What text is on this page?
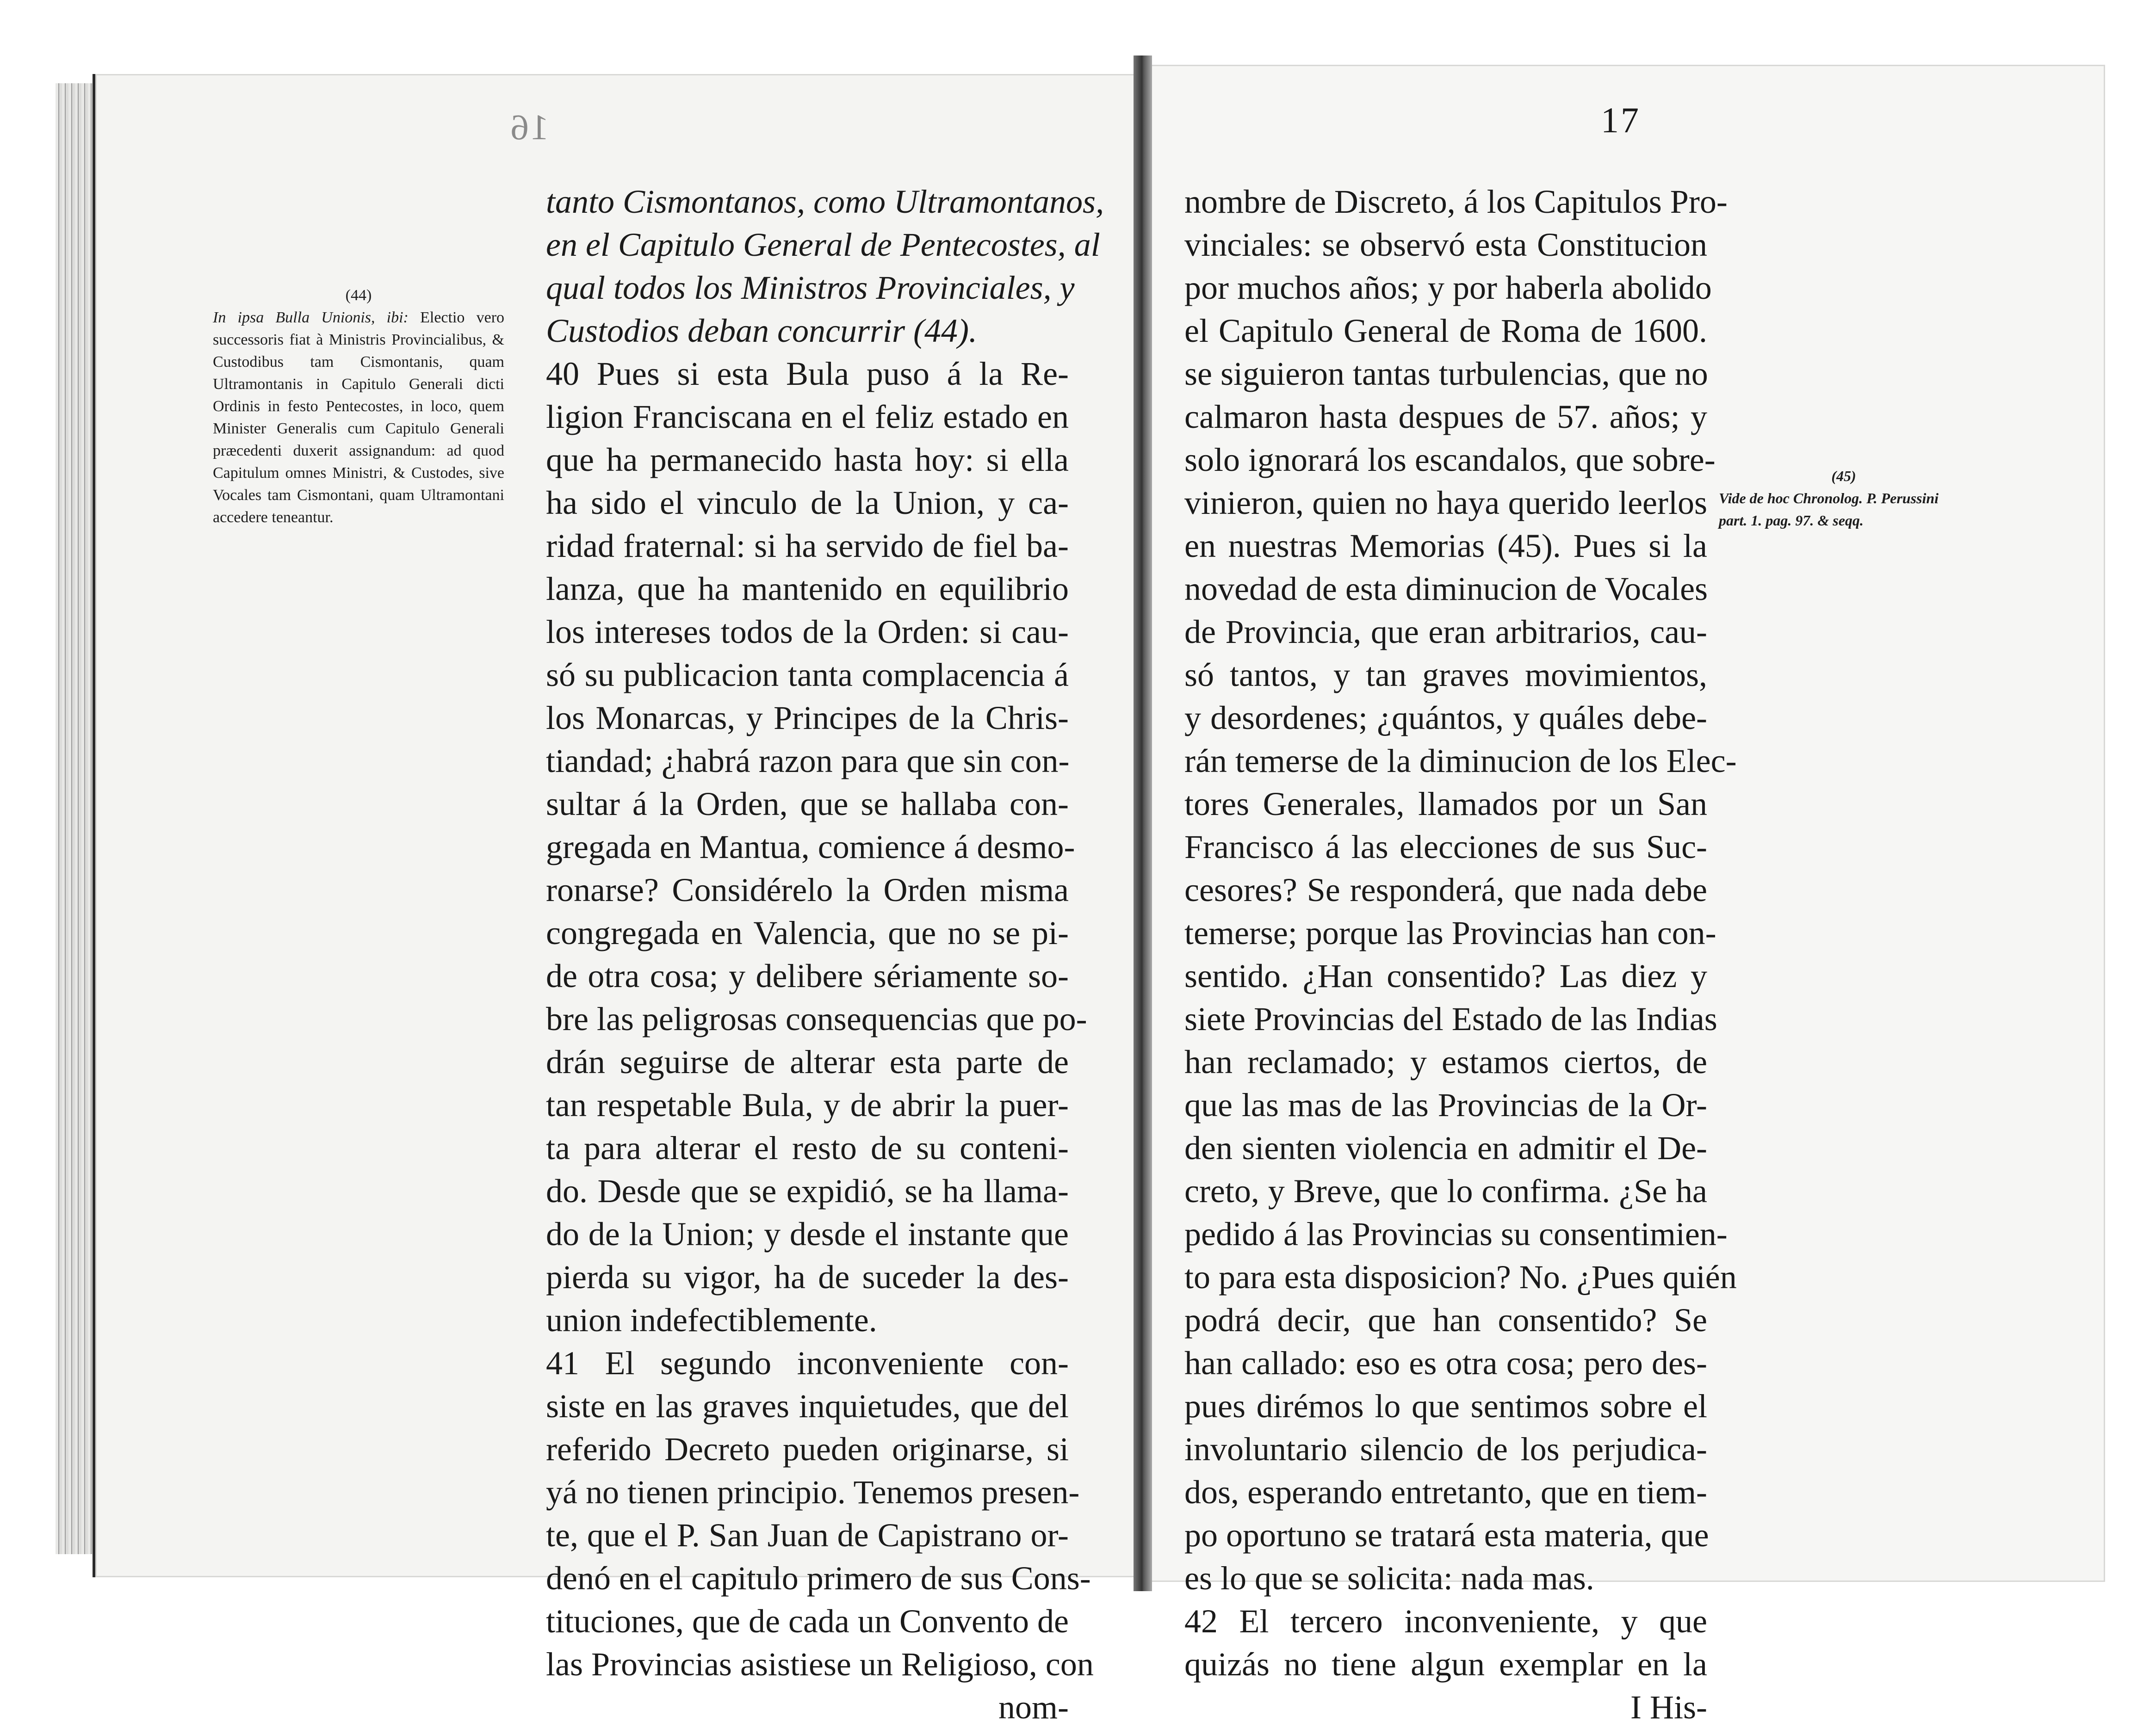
16
(44)
In ipsa Bulla Unionis, ibi: Electio vero successoris fiat à Ministris Provincialibus, & Custodibus tam Cismontanis, quam Ultramontanis in Capitulo Generali dicti Ordinis in festo Pentecostes, in loco, quem Minister Generalis cum Capitulo Generali præcedenti duxerit assignandum: ad quod Capitulum omnes Ministri, & Custodes, sive Vocales tam Cismontani, quam Ultramontani accedere teneantur.
tanto Cismontanos, como Ultramontanos,
en el Capitulo General de Pentecostes, al
qual todos los Ministros Provinciales, y
Custodios deban concurrir (44).
40 Pues si esta Bula puso á la Re-
ligion Franciscana en el feliz estado en
que ha permanecido hasta hoy: si ella
ha sido el vinculo de la Union, y ca-
ridad fraternal: si ha servido de fiel ba-
lanza, que ha mantenido en equilibrio
los intereses todos de la Orden: si cau-
só su publicacion tanta complacencia á
los Monarcas, y Principes de la Chris-
tiandad; ¿habrá razon para que sin con-
sultar á la Orden, que se hallaba con-
gregada en Mantua, comience á desmo-
ronarse? Considérelo la Orden misma
congregada en Valencia, que no se pi-
de otra cosa; y delibere sériamente so-
bre las peligrosas consequencias que po-
drán seguirse de alterar esta parte de
tan respetable Bula, y de abrir la puer-
ta para alterar el resto de su conteni-
do. Desde que se expidió, se ha llama-
do de la Union; y desde el instante que
pierda su vigor, ha de suceder la des-
union indefectiblemente.
41 El segundo inconveniente con-
siste en las graves inquietudes, que del
referido Decreto pueden originarse, si
yá no tienen principio. Tenemos presen-
te, que el P. San Juan de Capistrano or-
denó en el capitulo primero de sus Cons-
tituciones, que de cada un Convento de
las Provincias asistiese un Religioso, con
nom-
17
(45)
Vide de hoc Chronolog. P. Perussini part. 1. pag. 97. & seqq.
nombre de Discreto, á los Capitulos Pro-
vinciales: se observó esta Constitucion
por muchos años; y por haberla abolido
el Capitulo General de Roma de 1600.
se siguieron tantas turbulencias, que no
calmaron hasta despues de 57. años; y
solo ignorará los escandalos, que sobre-
vinieron, quien no haya querido leerlos
en nuestras Memorias (45). Pues si la
novedad de esta diminucion de Vocales
de Provincia, que eran arbitrarios, cau-
só tantos, y tan graves movimientos,
y desordenes; ¿quántos, y quáles debe-
rán temerse de la diminucion de los Elec-
tores Generales, llamados por un San
Francisco á las elecciones de sus Suc-
cesores? Se responderá, que nada debe
temerse; porque las Provincias han con-
sentido. ¿Han consentido? Las diez y
siete Provincias del Estado de las Indias
han reclamado; y estamos ciertos, de
que las mas de las Provincias de la Or-
den sienten violencia en admitir el De-
creto, y Breve, que lo confirma. ¿Se ha
pedido á las Provincias su consentimien-
to para esta disposicion? No. ¿Pues quién
podrá decir, que han consentido? Se
han callado: eso es otra cosa; pero des-
pues dirémos lo que sentimos sobre el
involuntario silencio de los perjudica-
dos, esperando entretanto, que en tiem-
po oportuno se tratará esta materia, que
es lo que se solicita: nada mas.
42 El tercero inconveniente, y que
quizás no tiene algun exemplar en la
I His-
